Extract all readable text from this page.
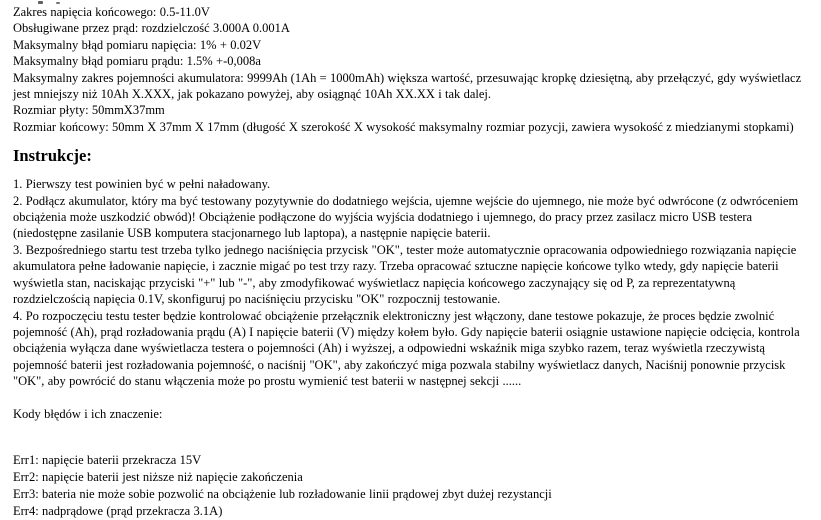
Zakres napięcia końcowego: 0.5-11.0V

Obsługiwane przez prąd: rozdzielczość 3.000A 0.001A

Maksymalny błąd pomiaru napięcia: 1% + 0.02V

Maksymalny błąd pomiaru prądu: 1.5% +-0,008a

Maksymalny zakres pojemności akumulatora: 9999Ah (1Ah = 1000mAh) większa wartość, przesuwając kropkę dziesiętną, aby przełączyć, gdy wyświetlacz jest mniejszy niż 10Ah X.XXX, jak pokazano powyżej, aby osiągnąć 10Ah XX.XX i tak dalej.

Rozmiar płyty: 50mmX37mm

Rozmiar końcowy: 50mm X 37mm X 17mm (długość X szerokość X wysokość maksymalny rozmiar pozycji, zawiera wysokość z miedzianymi stopkami)

Instrukcje:

1. Pierwszy test powinien być w pełni naładowany.

2. Podłącz akumulator, który ma być testowany pozytywnie do dodatniego wejścia, ujemne wejście do ujemnego, nie może być odwrócone (z odwróceniem obciążenia może uszkodzić obwód)! Obciążenie podłączone do wyjścia wyjścia dodatniego i ujemnego, do pracy przez zasilacz micro USB testera (niedostępne zasilanie USB komputera stacjonarnego lub laptopa), a następnie napięcie baterii.

3. Bezpośredniego startu test trzeba tylko jednego naciśnięcia przycisk "OK", tester może automatycznie opracowania odpowiedniego rozwiązania napięcie akumulatora pełne ładowanie napięcie, i zacznie migać po test trzy razy. Trzeba opracować sztuczne napięcie końcowe tylko wtedy, gdy napięcie baterii wyświetla stan, naciskając przyciski "+" lub "-", aby zmodyfikować wyświetlacz napięcia końcowego zaczynający się od P, za reprezentatywną rozdzielczością napięcia 0.1V, skonfiguruj po naciśnięciu przycisku "OK" rozpocznij testowanie.

4. Po rozpoczęciu testu tester będzie kontrolować obciążenie przełącznik elektroniczny jest włączony, dane testowe pokazuje, że proces będzie zwolnić pojemność (Ah), prąd rozładowania prądu (A) I napięcie baterii (V) między kołem było. Gdy napięcie baterii osiągnie ustawione napięcie odcięcia, kontrola obciążenia wyłącza dane wyświetlacza testera o pojemności (Ah) i wyższej, a odpowiedni wskaźnik miga szybko razem, teraz wyświetla rzeczywistą pojemność baterii jest rozładowania pojemność, o naciśnij "OK", aby zakończyć miga pozwala stabilny wyświetlacz danych, Naciśnij ponownie przycisk "OK", aby powrócić do stanu włączenia może po prostu wymienić test baterii w następnej sekcji ......

Kody błędów i ich znaczenie:

Err1: napięcie baterii przekracza 15V

Err2: napięcie baterii jest niższe niż napięcie zakończenia

Err3: bateria nie może sobie pozwolić na obciążenie lub rozładowanie linii prądowej zbyt dużej rezystancji

Err4: nadprądowe (prąd przekracza 3.1A)
